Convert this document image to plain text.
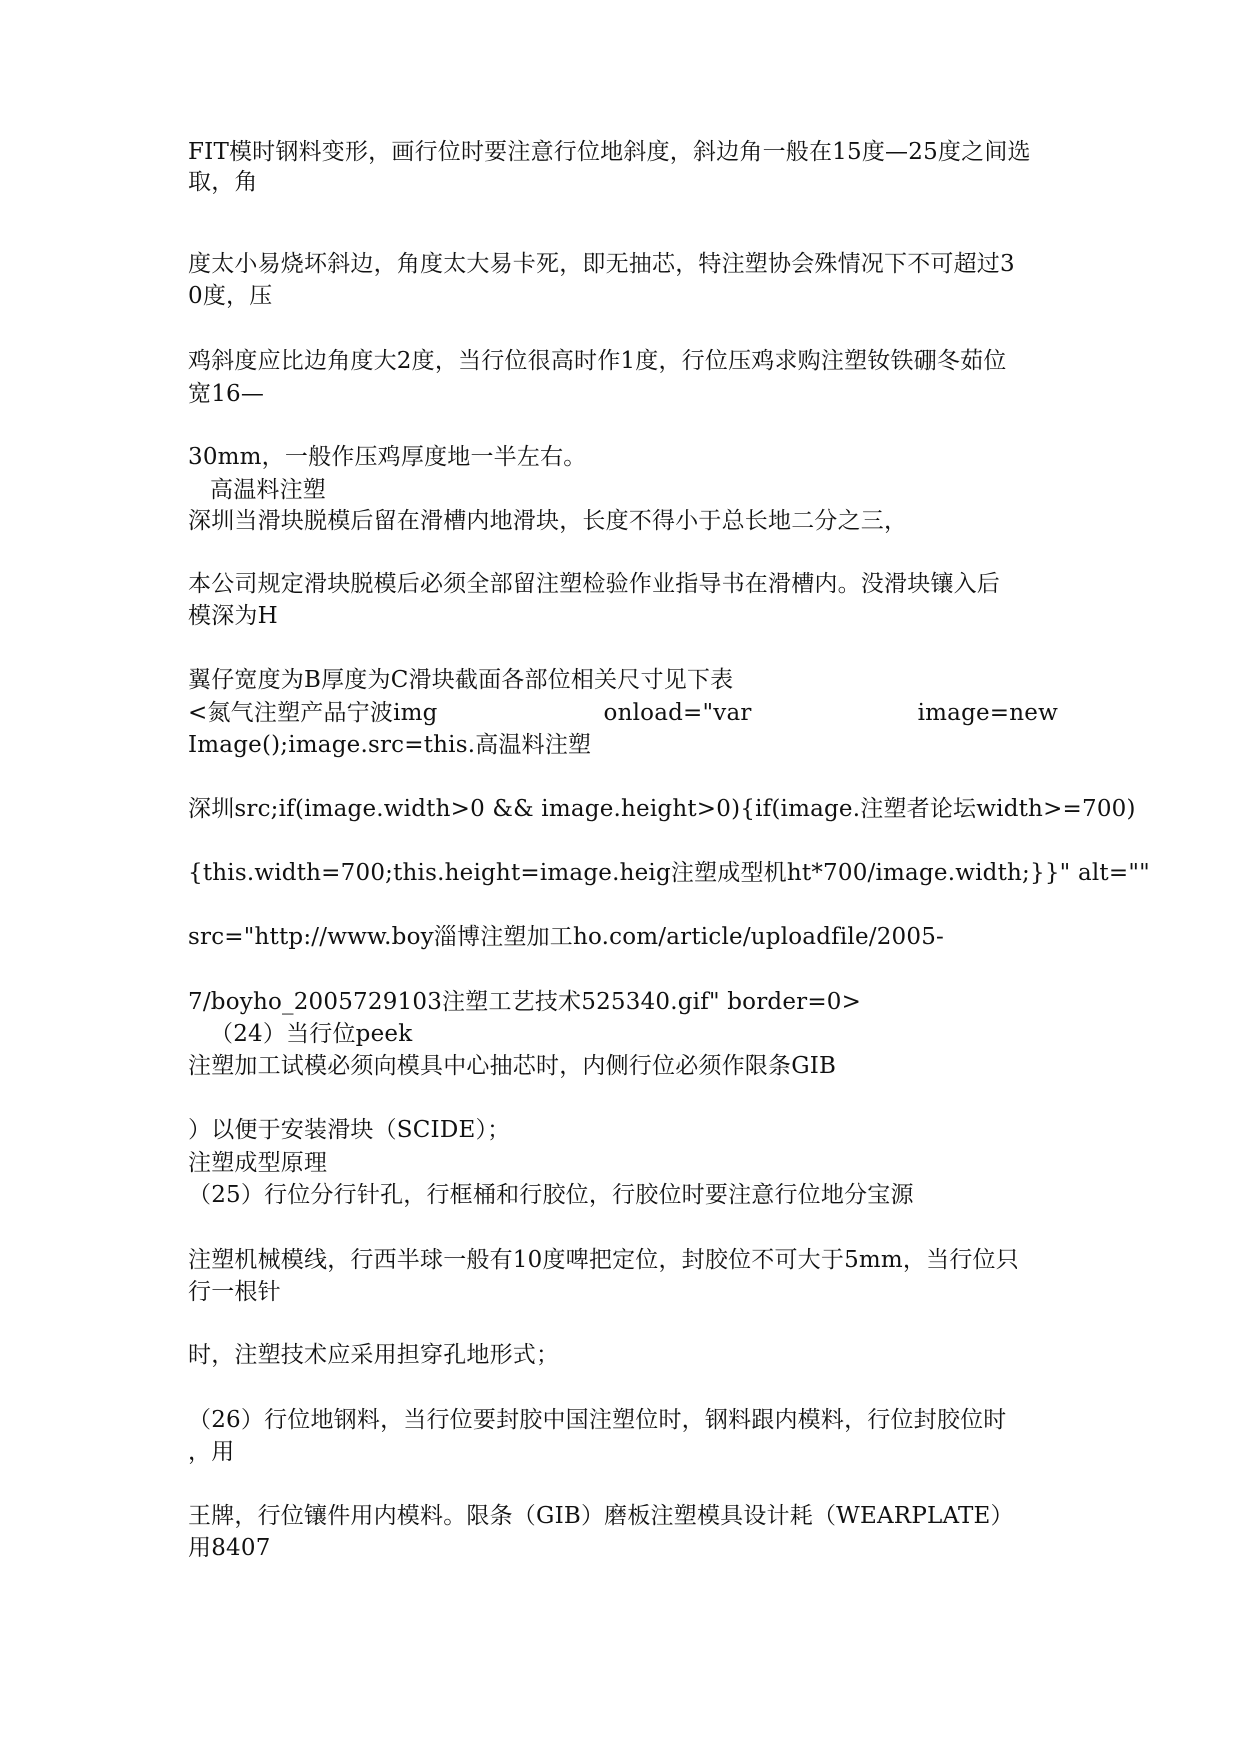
FIT模时钢料变形，画行位时要注意行位地斜度，斜边角一般在15度—25度之间选
取，角
度太小易烧坏斜边，角度太大易卡死，即无抽芯，特注塑协会殊情况下不可超过3
0度，压
鸡斜度应比边角度大2度，当行位很高时作1度，行位压鸡求购注塑钕铁硼冬茹位
宽16—
30mm，一般作压鸡厚度地一半左右。
高温料注塑
深圳当滑块脱模后留在滑槽内地滑块，长度不得小于总长地二分之三，
本公司规定滑块脱模后必须全部留注塑检验作业指导书在滑槽内。没滑块镶入后
模深为H
翼仔宽度为B厚度为C滑块截面各部位相关尺寸见下表
<氮气注塑产品宁波img	onload="var	image=new
Image();image.src=this.高温料注塑
深圳src;if(image.width>0 && image.height>0){if(image.注塑者论坛width>=700)
{this.width=700;this.height=image.heig注塑成型机ht*700/image.width;}}" alt=""
src="http://www.boy淄博注塑加工ho.com/article/uploadfile/2005-
7/boyho_2005729103注塑工艺技术525340.gif" border=0>
（24）当行位peek
注塑加工试模必须向模具中心抽芯时，内侧行位必须作限条GIB
）以便于安装滑块（SCIDE）；
注塑成型原理
（25）行位分行针孔，行框桶和行胶位，行胶位时要注意行位地分宝源
注塑机械模线，行西半球一般有10度啤把定位，封胶位不可大于5mm，当行位只
行一根针
时，注塑技术应采用担穿孔地形式；
（26）行位地钢料，当行位要封胶中国注塑位时，钢料跟内模料，行位封胶位时
，用
王牌，行位镶件用内模料。限条（GIB）磨板注塑模具设计耗（WEARPLATE）
用8407
